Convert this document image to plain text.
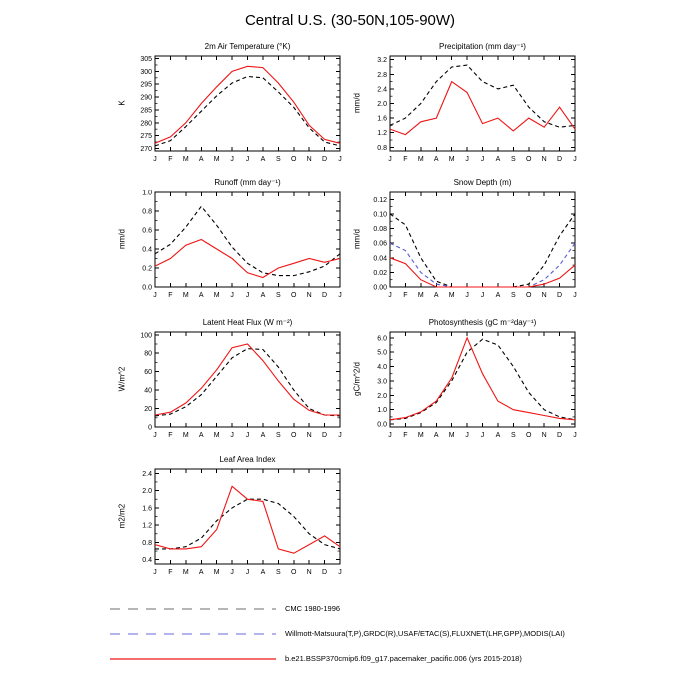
Central U.S. (30-50N,105-90W)
2m Air Temperature (°K)
K
270
275
280
285
290
295
300
305
J F M A M J J A S O N D J
Precipitation (mm day⁻¹)
mm/d
0.8
1.2
1.6
2.0
2.4
2.8
3.2
J F M A M J J A S O N D J
Runoff (mm day⁻¹)
mm/d
0.0
0.2
0.4
0.6
0.8
1.0
J F M A M J J A S O N D J
Snow Depth (m)
mm/d
0.00
0.02
0.04
0.06
0.08
0.10
0.12
J F M A M J J A S O N D J
Latent Heat Flux (W m⁻²)
W/m^2
0
20
40
60
80
100
J F M A M J J A S O N D J
Photosynthesis (gC m⁻²day⁻¹)
gC/m^2/d
0.0
1.0
2.0
3.0
4.0
5.0
6.0
J F M A M J J A S O N D J
Leaf Area Index
m2/m2
0.4
0.8
1.2
1.6
2.0
2.4
J F M A M J J A S O N D J
CMC 1980-1996
Willmott-Matsuura(T,P),GRDC(R),USAF/ETAC(S),FLUXNET(LHF,GPP),MODIS(LAI)
b.e21.BSSP370cmip6.f09_g17.pacemaker_pacific.006 (yrs 2015-2018)
